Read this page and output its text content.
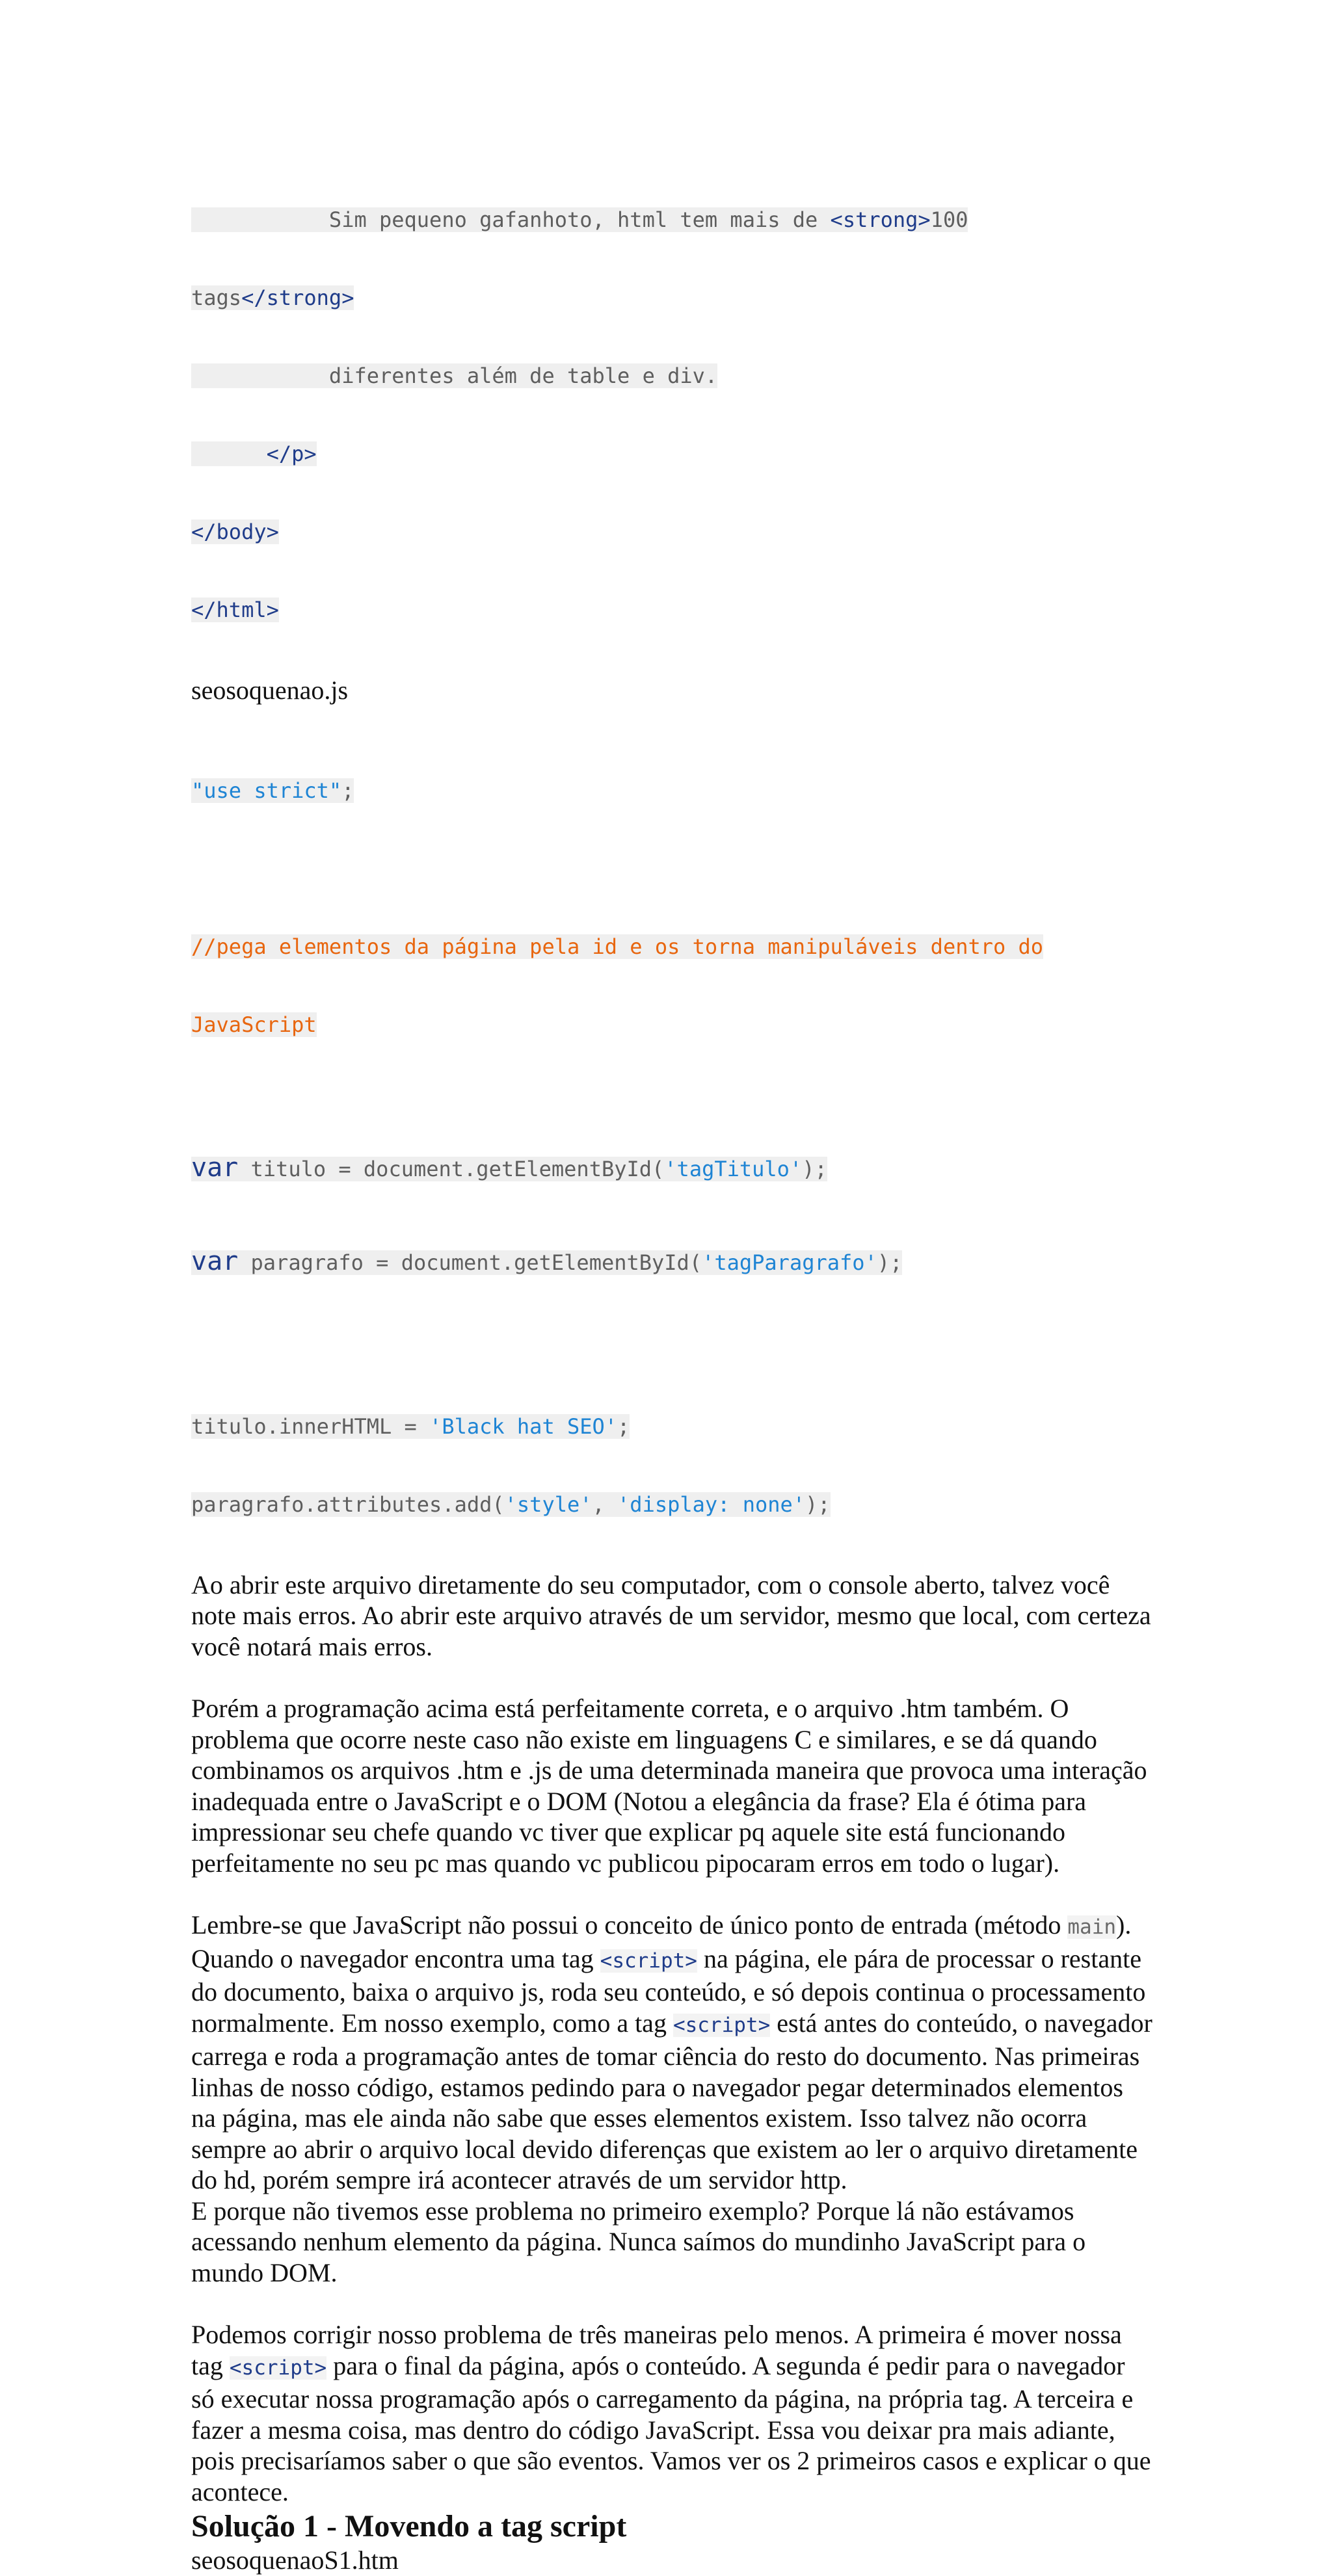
Sim pequeno gafanhoto, html tem mais de <strong>100

tags</strong>

diferentes além de table e div.

</p>

</body>

</html>

seosoquenao.js

"use strict";

//pega elementos da página pela id e os torna manipuláveis dentro do

JavaScript

var titulo = document.getElementById('tagTitulo');

var paragrafo = document.getElementById('tagParagrafo');

titulo.innerHTML = 'Black hat SEO';

paragrafo.attributes.add('style', 'display: none');

Ao abrir este arquivo diretamente do seu computador, com o console aberto, talvez você note mais erros. Ao abrir este arquivo através de um servidor, mesmo que local, com certeza você notará mais erros.

Porém a programação acima está perfeitamente correta, e o arquivo .htm também. O problema que ocorre neste caso não existe em linguagens C e similares, e se dá quando combinamos os arquivos .htm e .js de uma determinada maneira que provoca uma interação inadequada entre o JavaScript e o DOM (Notou a elegância da frase? Ela é ótima para impressionar seu chefe quando vc tiver que explicar pq aquele site está funcionando perfeitamente no seu pc mas quando vc publicou pipocaram erros em todo o lugar).

Lembre-se que JavaScript não possui o conceito de único ponto de entrada (método main). Quando o navegador encontra uma tag <script> na página, ele pára de processar o restante do documento, baixa o arquivo js, roda seu conteúdo, e só depois continua o processamento normalmente. Em nosso exemplo, como a tag <script> está antes do conteúdo, o navegador carrega e roda a programação antes de tomar ciência do resto do documento. Nas primeiras linhas de nosso código, estamos pedindo para o navegador pegar determinados elementos na página, mas ele ainda não sabe que esses elementos existem. Isso talvez não ocorra sempre ao abrir o arquivo local devido diferenças que existem ao ler o arquivo diretamente do hd, porém sempre irá acontecer através de um servidor http.

E porque não tivemos esse problema no primeiro exemplo? Porque lá não estávamos acessando nenhum elemento da página. Nunca saímos do mundinho JavaScript para o mundo DOM.

Podemos corrigir nosso problema de três maneiras pelo menos. A primeira é mover nossa tag <script> para o final da página, após o conteúdo. A segunda é pedir para o navegador só executar nossa programação após o carregamento da página, na própria tag. A terceira e fazer a mesma coisa, mas dentro do código JavaScript. Essa vou deixar pra mais adiante, pois precisaríamos saber o que são eventos. Vamos ver os 2 primeiros casos e explicar o que acontece.

Solução 1 - Movendo a tag script

seosoquenaoS1.htm
